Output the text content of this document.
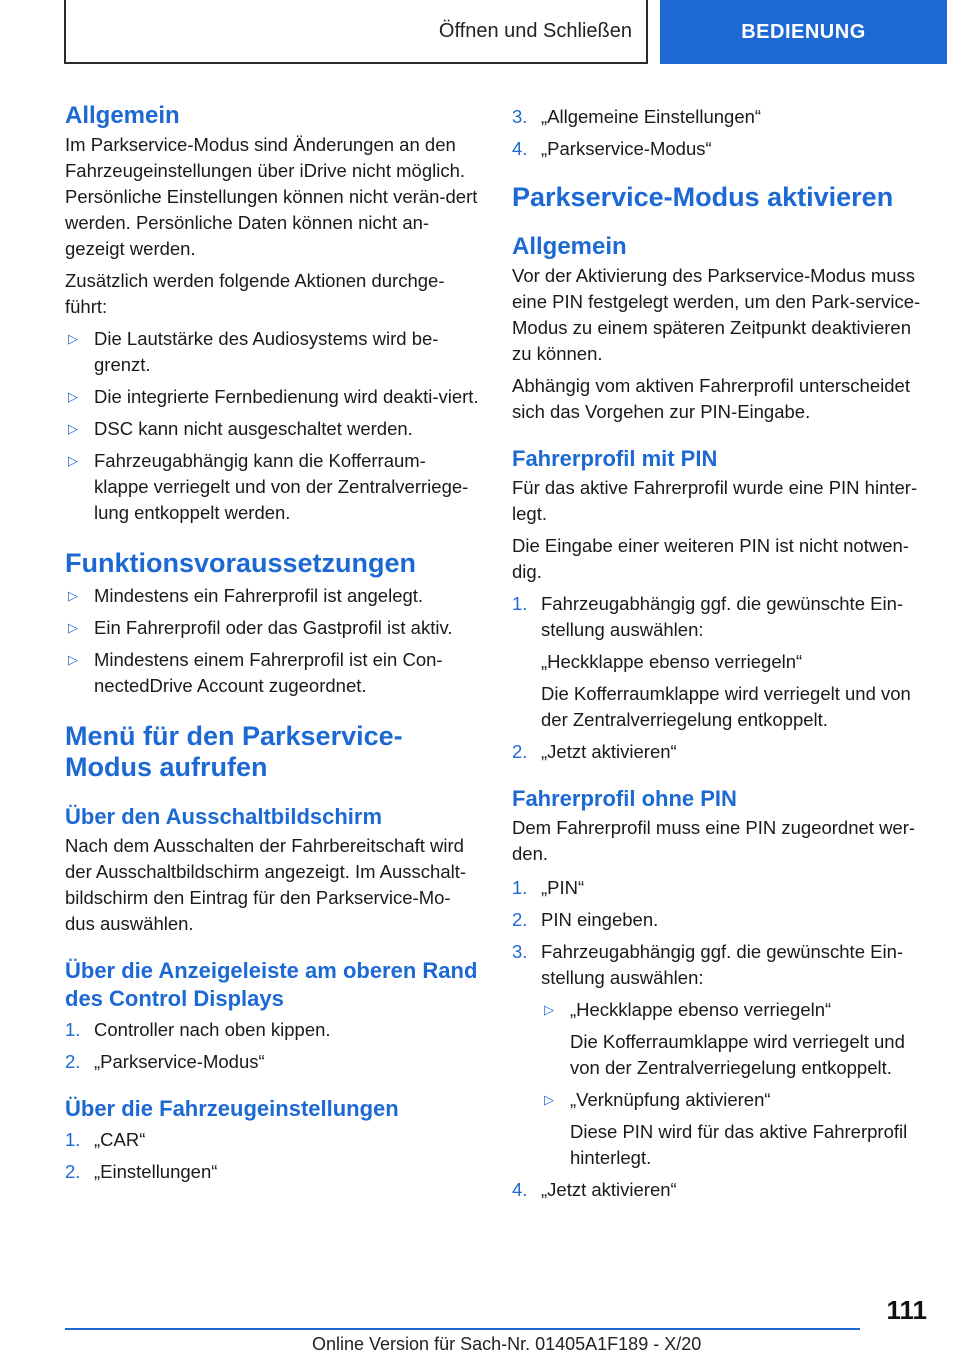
Öffnen und Schließen	BEDIENUNG
Allgemein

Im Parkservice-Modus sind Änderungen an den Fahrzeugeinstellungen über iDrive nicht möglich. Persönliche Einstellungen können nicht verän-dert werden. Persönliche Daten können nicht an-gezeigt werden.

Zusätzlich werden folgende Aktionen durchge-führt:

▷ Die Lautstärke des Audiosystems wird be-grenzt.
▷ Die integrierte Fernbedienung wird deakti-viert.
▷ DSC kann nicht ausgeschaltet werden.
▷ Fahrzeugabhängig kann die Kofferraum-klappe verriegelt und von der Zentralverriege-lung entkoppelt werden.
Funktionsvoraussetzungen
▷ Mindestens ein Fahrerprofil ist angelegt.
▷ Ein Fahrerprofil oder das Gastprofil ist aktiv.
▷ Mindestens einem Fahrerprofil ist ein Con-nectedDrive Account zugeordnet.
Menü für den Parkservice-Modus aufrufen
Über den Ausschaltbildschirm

Nach dem Ausschalten der Fahrbereitschaft wird der Ausschaltbildschirm angezeigt. Im Ausschalt-bildschirm den Eintrag für den Parkservice-Mo-dus auswählen.

Über die Anzeigeleiste am oberen Rand des Control Displays
1. Controller nach oben kippen.
2. „Parkservice-Modus“
Über die Fahrzeugeinstellungen
1. „CAR“
2. „Einstellungen“
3. „Allgemeine Einstellungen“
4. „Parkservice-Modus“
Parkservice-Modus aktivieren
Allgemein

Vor der Aktivierung des Parkservice-Modus muss eine PIN festgelegt werden, um den Park-service-Modus zu einem späteren Zeitpunkt deaktivieren zu können.

Abhängig vom aktiven Fahrerprofil unterscheidet sich das Vorgehen zur PIN-Eingabe.

Fahrerprofil mit PIN

Für das aktive Fahrerprofil wurde eine PIN hinter-legt.

Die Eingabe einer weiteren PIN ist nicht notwen-dig.

1. Fahrzeugabhängig ggf. die gewünschte Ein-stellung auswählen:

„Heckklappe ebenso verriegeln“

Die Kofferraumklappe wird verriegelt und von der Zentralverriegelung entkoppelt.

2. „Jetzt aktivieren“
Fahrerprofil ohne PIN

Dem Fahrerprofil muss eine PIN zugeordnet wer-den.

1. „PIN“
2. PIN eingeben.
3. Fahrzeugabhängig ggf. die gewünschte Ein-stellung auswählen:
▷ „Heckklappe ebenso verriegeln“

Die Kofferraumklappe wird verriegelt und von der Zentralverriegelung entkoppelt.

▷ „Verknüpfung aktivieren“

Diese PIN wird für das aktive Fahrerprofil hinterlegt.

4. „Jetzt aktivieren“
111
Online Version für Sach-Nr. 01405A1F189 - X/20
